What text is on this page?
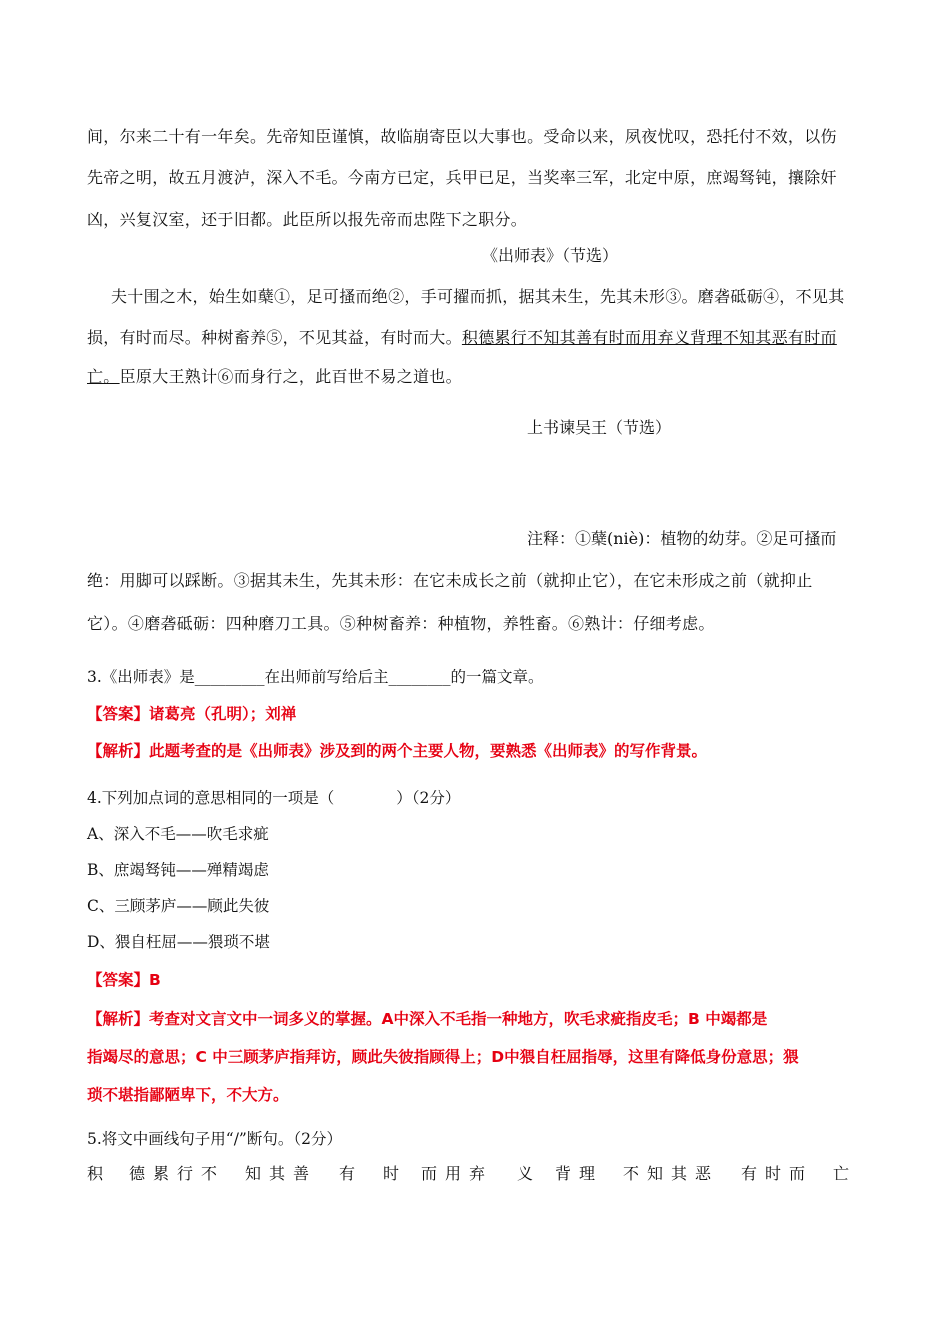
间，尔来二十有一年矣。先帝知臣谨慎，故临崩寄臣以大事也。受命以来，夙夜忧叹，恐托付不效，以伤

先帝之明，故五月渡泸，深入不毛。今南方已定，兵甲已足，当奖率三军，北定中原，庶竭驽钝，攘除奸

凶，兴复汉室，还于旧都。此臣所以报先帝而忠陛下之职分。

《出师表》（节选）

夫十围之木，始生如蘖①，足可搔而绝②，手可擢而抓，据其未生，先其未形③。磨砻砥砺④，不见其

损，有时而尽。种树畜养⑤，不见其益，有时而大。积德累行不知其善有时而用弃义背理不知其恶有时而

亡。臣原大王熟计⑥而身行之，此百世不易之道也。

上书谏吴王（节选）

注释：①蘖(niè)：植物的幼芽。②足可搔而

绝：用脚可以踩断。③据其未生，先其未形：在它未成长之前（就抑止它），在它未形成之前（就抑止

它）。④磨砻砥砺：四种磨刀工具。⑤种树畜养：种植物，养牲畜。⑥熟计：仔细考虑。

3.《出师表》是_________在出师前写给后主________的一篇文章。

【答案】诸葛亮（孔明）；刘禅

【解析】此题考查的是《出师表》涉及到的两个主要人物，要熟悉《出师表》的写作背景。

4.下列加点词的意思相同的一项是（　　　　）（2分）

A、深入不毛——吹毛求疵

B、庶竭驽钝——殚精竭虑

C、三顾茅庐——顾此失彼

D、猥自枉屈——猥琐不堪

【答案】B

【解析】考查对文言文中一词多义的掌握。A中深入不毛指一种地方，吹毛求疵指皮毛；B 中竭都是

指竭尽的意思；C 中三顾茅庐指拜访，顾此失彼指顾得上；D中猥自枉屈指辱，这里有降低身份意思；猥

琐不堪指鄙陋卑下，不大方。

5.将文中画线句子用“/”断句。（2分）

积 德 累 行 不 知 其 善 有 时 而 用 弃 义 背 理 不 知 其 恶 有 时 而 亡
